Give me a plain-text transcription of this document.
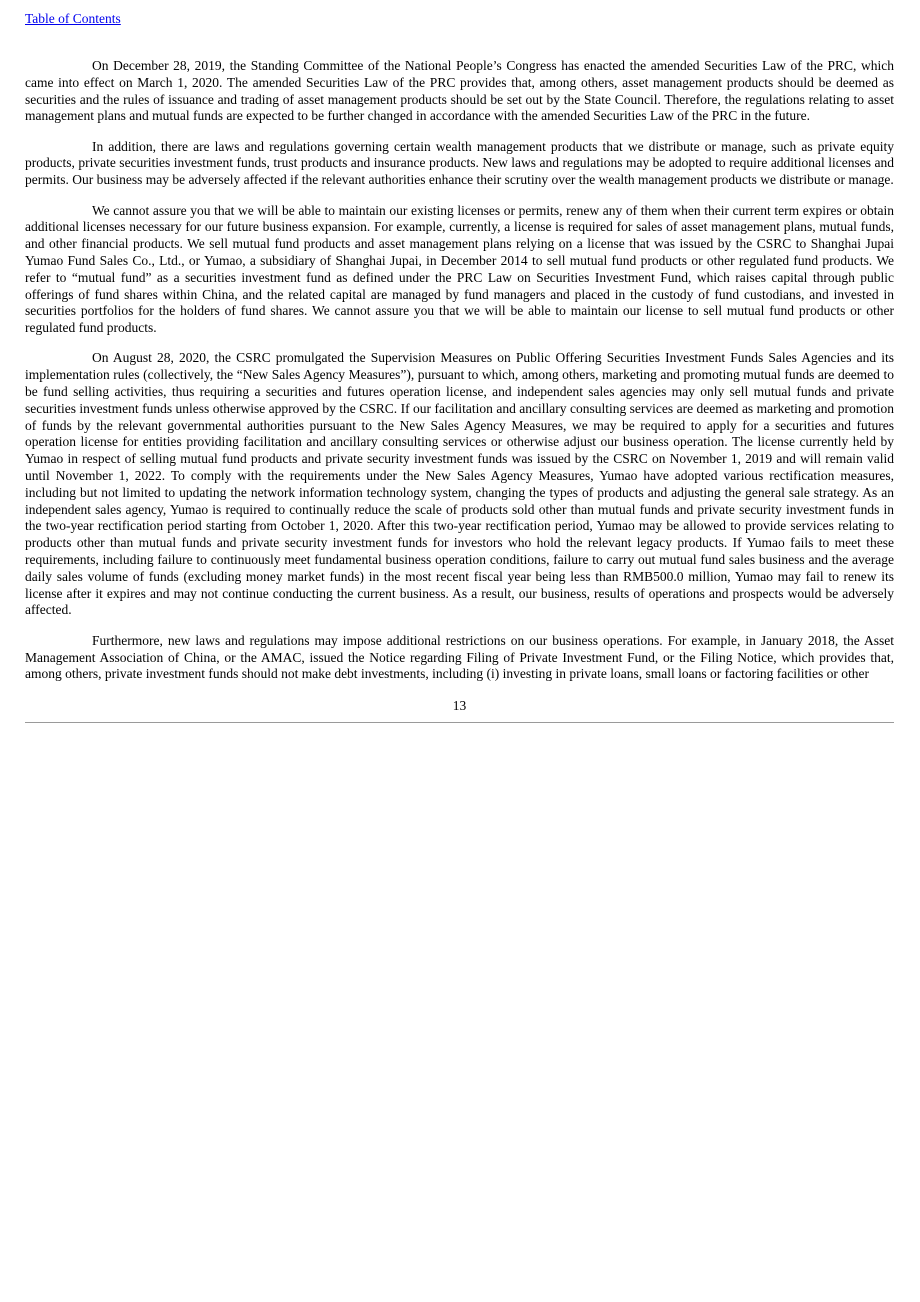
Table of Contents

On December 28, 2019, the Standing Committee of the National People’s Congress has enacted the amended Securities Law of the PRC, which came into effect on March 1, 2020. The amended Securities Law of the PRC provides that, among others, asset management products should be deemed as securities and the rules of issuance and trading of asset management products should be set out by the State Council. Therefore, the regulations relating to asset management plans and mutual funds are expected to be further changed in accordance with the amended Securities Law of the PRC in the future.

In addition, there are laws and regulations governing certain wealth management products that we distribute or manage, such as private equity products, private securities investment funds, trust products and insurance products. New laws and regulations may be adopted to require additional licenses and permits. Our business may be adversely affected if the relevant authorities enhance their scrutiny over the wealth management products we distribute or manage.

We cannot assure you that we will be able to maintain our existing licenses or permits, renew any of them when their current term expires or obtain additional licenses necessary for our future business expansion. For example, currently, a license is required for sales of asset management plans, mutual funds, and other financial products. We sell mutual fund products and asset management plans relying on a license that was issued by the CSRC to Shanghai Jupai Yumao Fund Sales Co., Ltd., or Yumao, a subsidiary of Shanghai Jupai, in December 2014 to sell mutual fund products or other regulated fund products. We refer to “mutual fund” as a securities investment fund as defined under the PRC Law on Securities Investment Fund, which raises capital through public offerings of fund shares within China, and the related capital are managed by fund managers and placed in the custody of fund custodians, and invested in securities portfolios for the holders of fund shares. We cannot assure you that we will be able to maintain our license to sell mutual fund products or other regulated fund products.

On August 28, 2020, the CSRC promulgated the Supervision Measures on Public Offering Securities Investment Funds Sales Agencies and its implementation rules (collectively, the “New Sales Agency Measures”), pursuant to which, among others, marketing and promoting mutual funds are deemed to be fund selling activities, thus requiring a securities and futures operation license, and independent sales agencies may only sell mutual funds and private securities investment funds unless otherwise approved by the CSRC. If our facilitation and ancillary consulting services are deemed as marketing and promotion of funds by the relevant governmental authorities pursuant to the New Sales Agency Measures, we may be required to apply for a securities and futures operation license for entities providing facilitation and ancillary consulting services or otherwise adjust our business operation. The license currently held by Yumao in respect of selling mutual fund products and private security investment funds was issued by the CSRC on November 1, 2019 and will remain valid until November 1, 2022. To comply with the requirements under the New Sales Agency Measures, Yumao have adopted various rectification measures, including but not limited to updating the network information technology system, changing the types of products and adjusting the general sale strategy. As an independent sales agency, Yumao is required to continually reduce the scale of products sold other than mutual funds and private security investment funds in the two-year rectification period starting from October 1, 2020. After this two-year rectification period, Yumao may be allowed to provide services relating to products other than mutual funds and private security investment funds for investors who hold the relevant legacy products. If Yumao fails to meet these requirements, including failure to continuously meet fundamental business operation conditions, failure to carry out mutual fund sales business and the average daily sales volume of funds (excluding money market funds) in the most recent fiscal year being less than RMB500.0 million, Yumao may fail to renew its license after it expires and may not continue conducting the current business. As a result, our business, results of operations and prospects would be adversely affected.

Furthermore, new laws and regulations may impose additional restrictions on our business operations. For example, in January 2018, the Asset Management Association of China, or the AMAC, issued the Notice regarding Filing of Private Investment Fund, or the Filing Notice, which provides that, among others, private investment funds should not make debt investments, including (i) investing in private loans, small loans or factoring facilities or other

13
